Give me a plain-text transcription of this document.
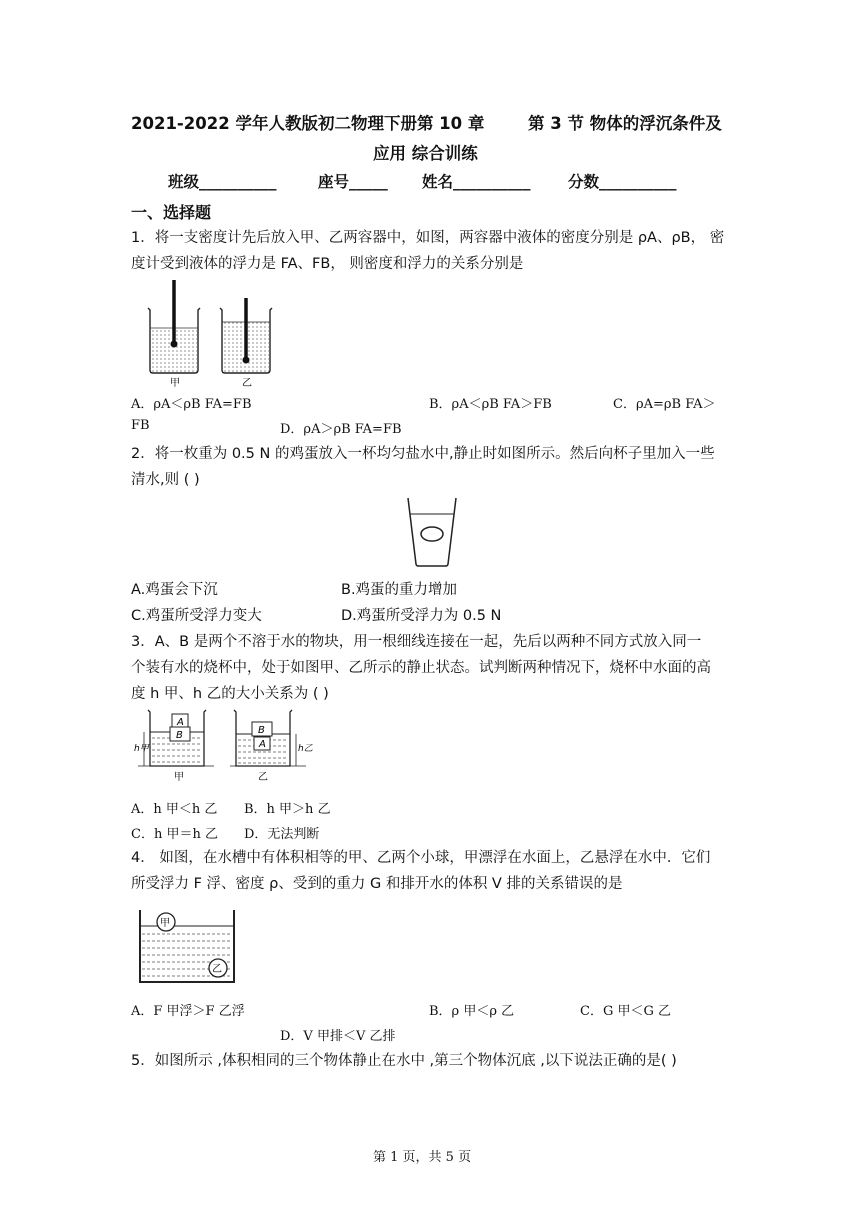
2021-2022 学年人教版初二物理下册第 10 章	第 3 节 物体的浮沉条件及
应用 综合训练
班级__________	座号_____ 姓名__________ 分数__________
一、选择题
1．将一支密度计先后放入甲、乙两容器中，如图，两容器中液体的密度分别是 ρA、ρB， 密
度计受到液体的浮力是 FA、FB， 则密度和浮力的关系分别是
甲	乙
A．ρA＜ρB FA=FB	B．ρA＜ρB FA＞FB	C．ρA=ρB FA＞
FB	D．ρA＞ρB FA=FB
2．将一枚重为 0.5 N 的鸡蛋放入一杯均匀盐水中,静止时如图所示。然后向杯子里加入一些
清水,则 ( )
A.鸡蛋会下沉	B.鸡蛋的重力增加
C.鸡蛋所受浮力变大	D.鸡蛋所受浮力为 0.5 N
3．A、B 是两个不溶于水的物块，用一根细线连接在一起，先后以两种不同方式放入同一
个装有水的烧杯中，处于如图甲、乙所示的静止状态。试判断两种情况下，烧杯中水面的高
度 h 甲、h 乙的大小关系为 ( )
A
B
h甲
甲
B
A	h乙
乙
A．h 甲＜h 乙 B．h 甲＞h 乙
C．h 甲＝h 乙 D．无法判断
4． 如图，在水槽中有体积相等的甲、乙两个小球，甲漂浮在水面上，乙悬浮在水中．它们
所受浮力 F 浮、密度 ρ、受到的重力 G 和排开水的体积 V 排的关系错误的是
甲
乙
A．F 甲浮＞F 乙浮	B．ρ 甲＜ρ 乙	C．G 甲＜G 乙
D．V 甲排＜V 乙排
5．如图所示 ,体积相同的三个物体静止在水中 ,第三个物体沉底 ,以下说法正确的是( )
第 1 页，共 5 页
